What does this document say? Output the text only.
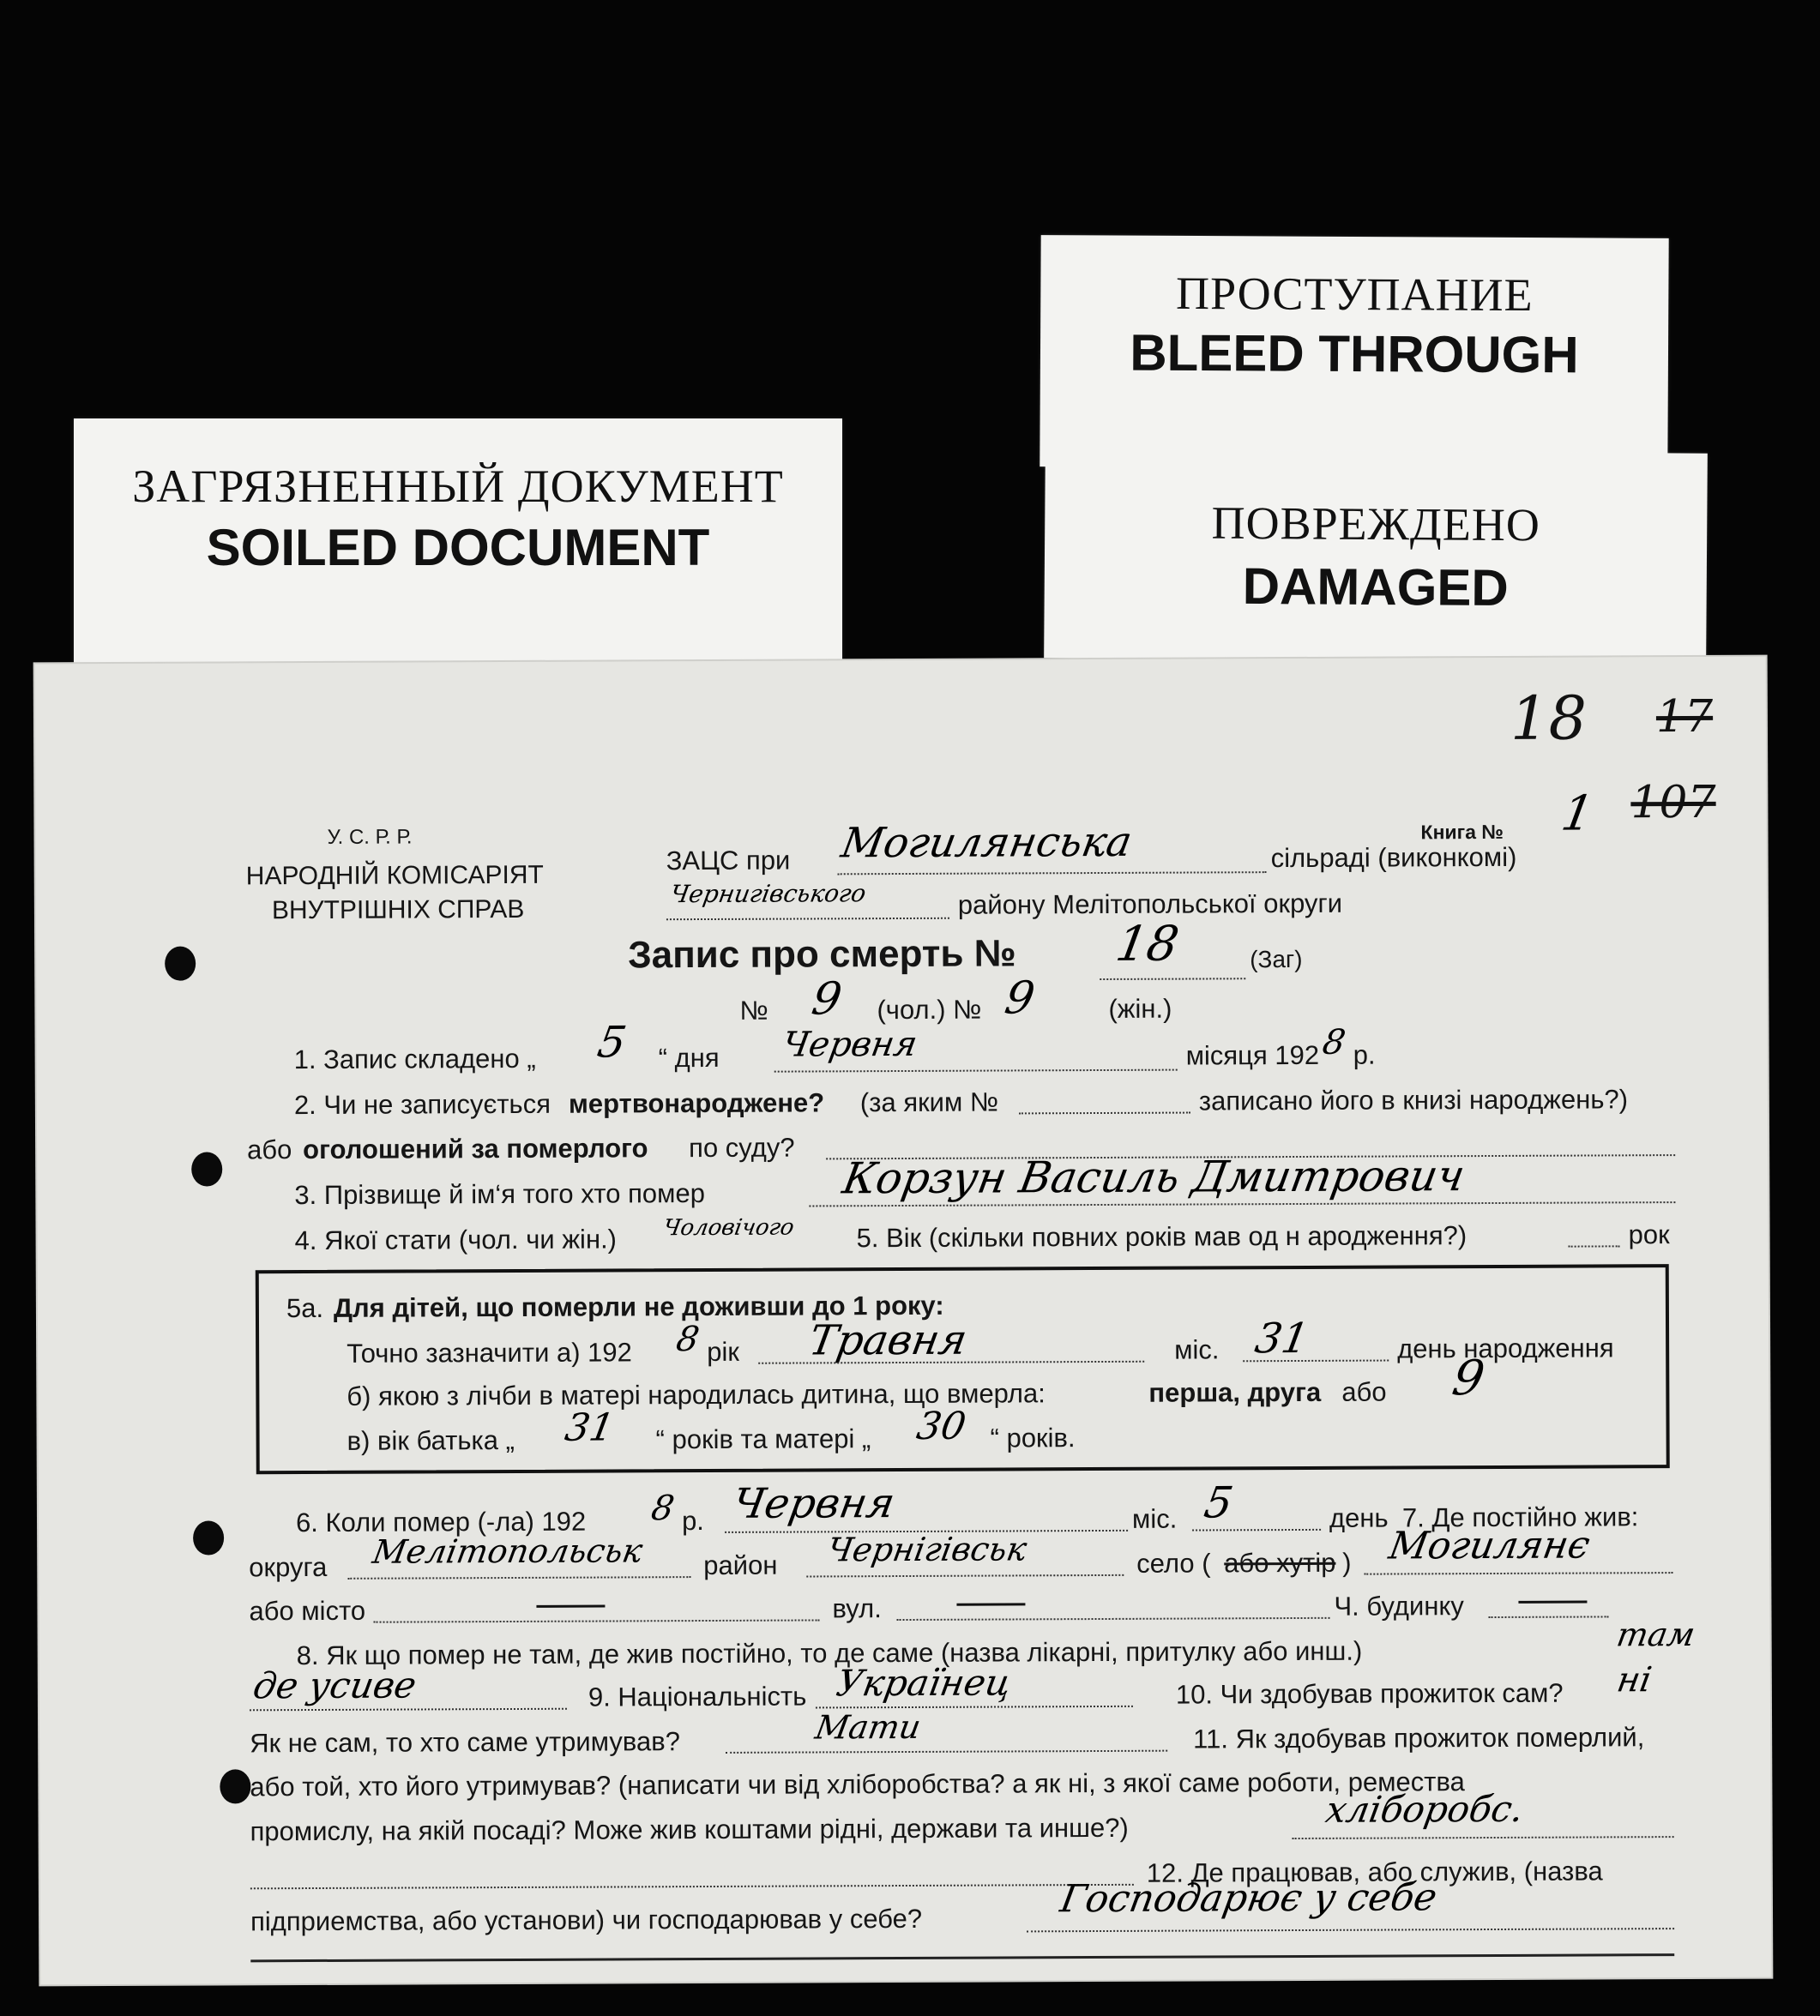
ЗАГРЯЗНЕННЫЙ ДОКУМЕНТ
SOILED DOCUMENT
ПРОСТУПАНИЕ
BLEED THROUGH
ПОВРЕЖДЕНО
DAMAGED
18 17
107
У. С. Р. Р.
НАРОДНІЙ КОМІСАРІЯТ
ВНУТРІШНІХ СПРАВ
Книга № 1
ЗАЦС при Могилянська	сільраді (виконкомі)
Чернигівського	району Мелітопольської округи
Запис про смерть № 18	(Заг)
№ 9 (чол.) № 9	(жін.)
1. Запис складено „ 5 “ дня Червня	місяця 192 8 р.
2. Чи не записується мертвонароджене? (за яким №	записано його в книзі народжень?)
або оголошений за померлого по суду?
3. Прізвище й ім‘я того хто помер	Корзун Василь Дмитрович
4. Якої стати (чол. чи жін.) Чоловічого 5. Вік (скільки повних років мав од н ародження?)	рок
5а. Для дітей, що померли не доживши до 1 року:
Точно зазначити а) 192 8 рік Травня	міс. 31	день народження
б) якою з лічби в матері народилась дитина, що вмерла:	перша, друга або 9
в) вік батька „ 31 “ років та матері „ 30 “ років.
6. Коли помер (-ла) 192 8 р. Червня	міс. 5	день 7. Де постійно жив:
округа Мелітопольськ район Чернігівськ	село ( або хутір ) Могилянє
або місто	вул.	Ч. будинку
8. Як що помер не там, де жив постійно, то де саме (назва лікарні, притулку або инш.)	там
де усиве	9. Національність Українец	10. Чи здобував прожиток сам? ні
Як не сам, то хто саме утримував?	Мати	11. Як здобував прожиток померлий,
або той, хто його утримував? (написати чи від хліборобства? а як ні, з якої саме роботи, ремества
промислу, на якій посаді? Може жив коштами рідні, держави та инше?)	хліборобс.
12. Де працював, або служив, (назва
підприемства, або установи) чи господарював у себе?	Господарює у себе
